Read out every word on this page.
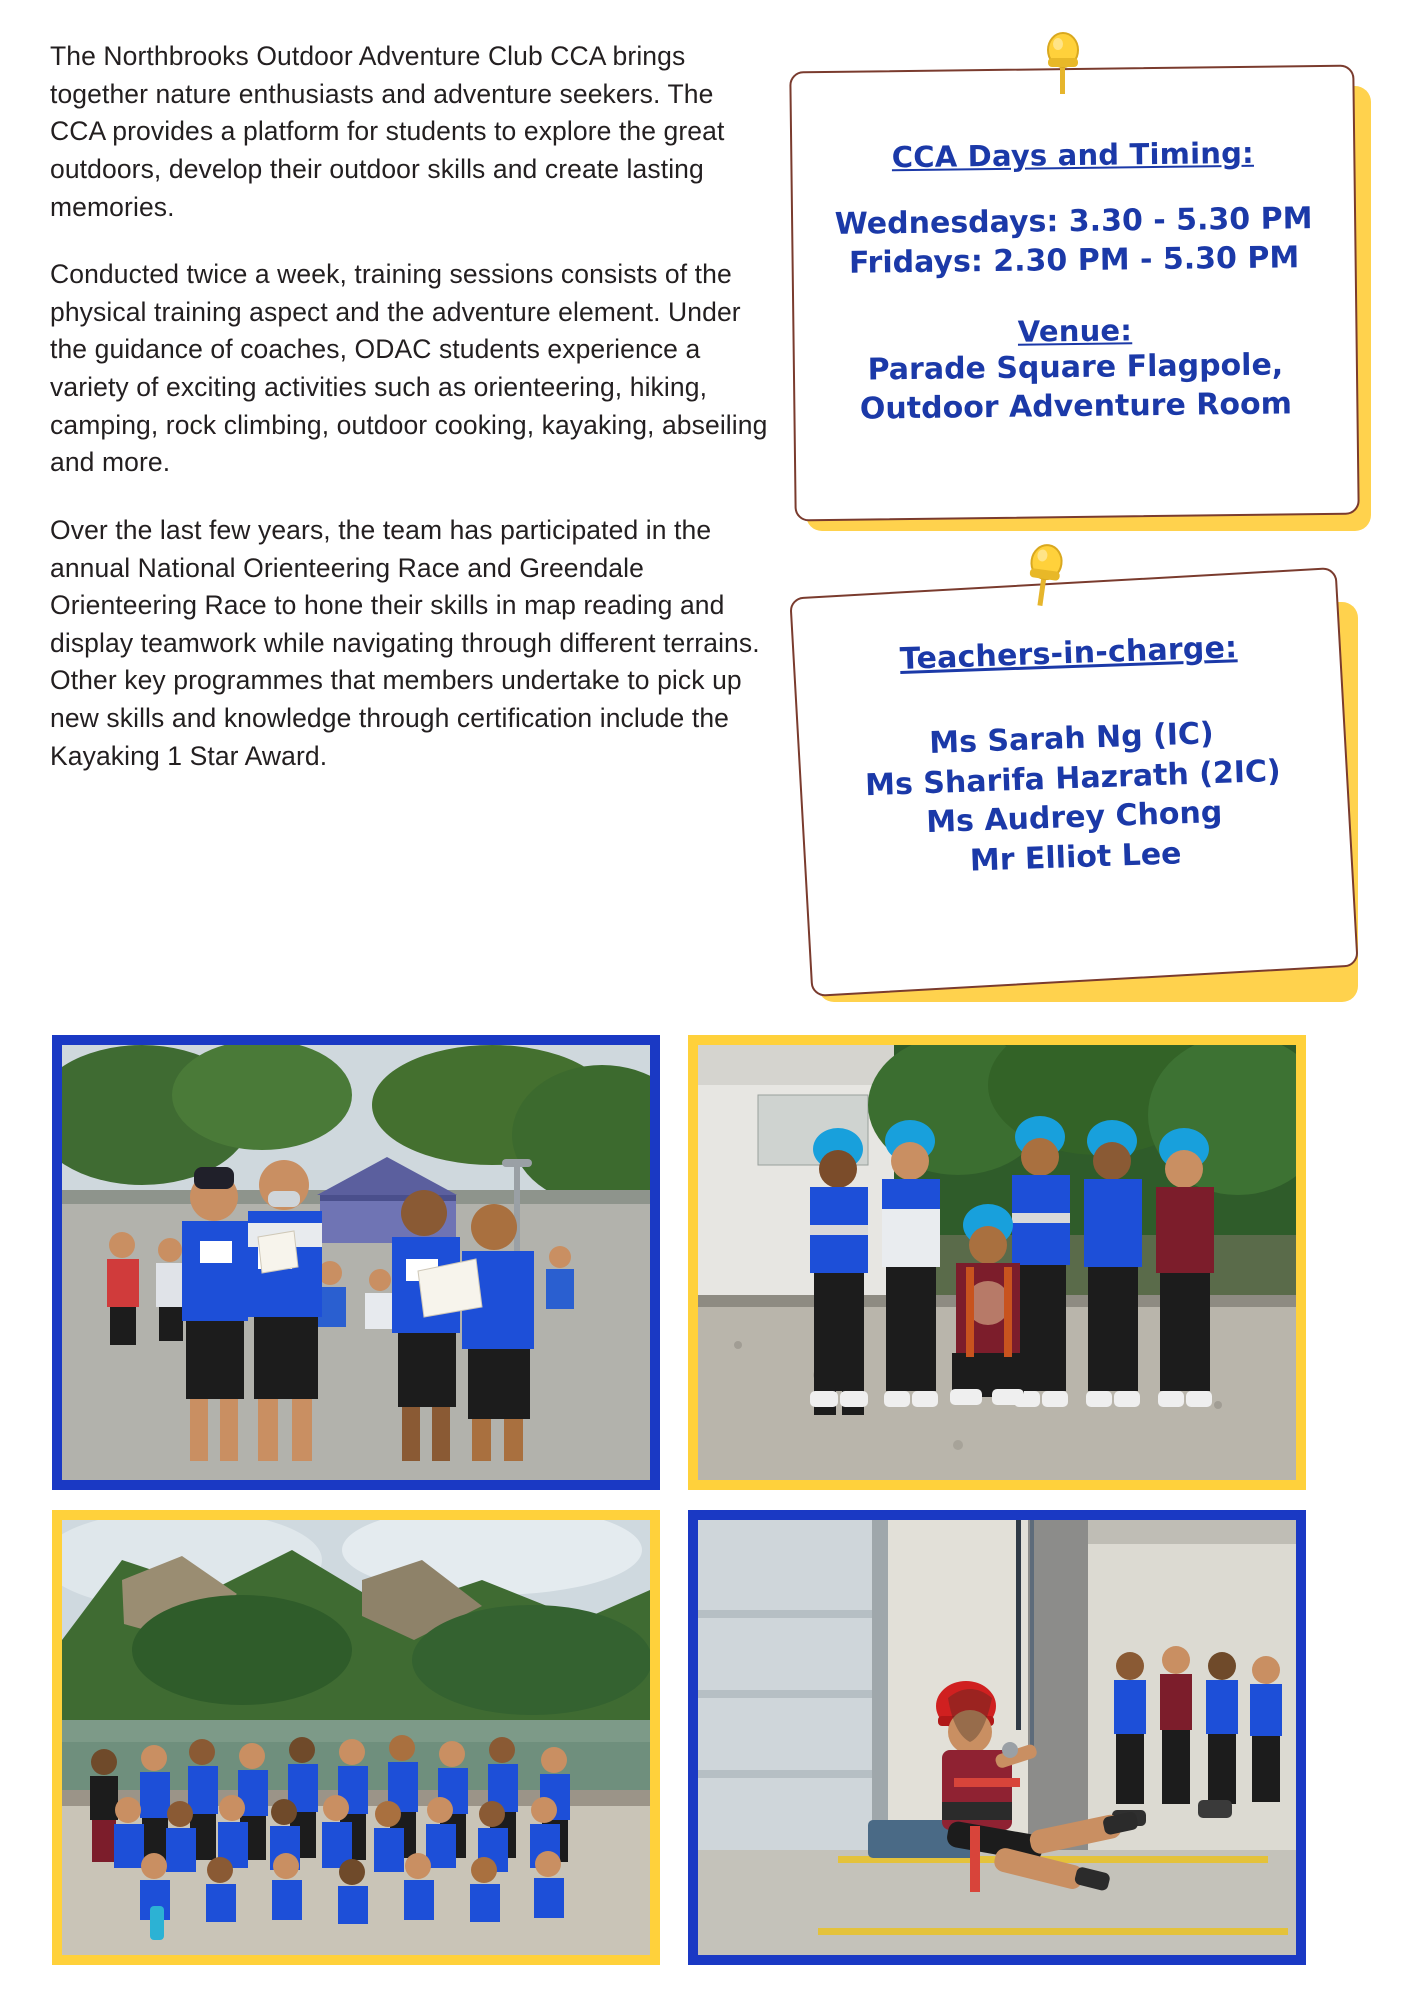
The Northbrooks Outdoor Adventure Club CCA brings together nature enthusiasts and adventure seekers. The CCA provides a platform for students to explore the great outdoors, develop their outdoor skills and create lasting memories.

Conducted twice a week, training sessions consists of the physical training aspect and the adventure element. Under the guidance of coaches, ODAC students experience a variety of exciting activities such as orienteering, hiking, camping, rock climbing, outdoor cooking, kayaking, abseiling and more.

Over the last few years, the team has participated in the annual National Orienteering Race and Greendale Orienteering Race to hone their skills in map reading and display teamwork while navigating through different terrains. Other key programmes that members undertake to pick up new skills and knowledge through certification include the Kayaking 1 Star Award.

CCA Days and Timing:
Wednesdays: 3.30 - 5.30 PM
Fridays: 2.30 PM - 5.30 PM
Venue:
Parade Square Flagpole,
Outdoor Adventure Room
Teachers-in-charge:
Ms Sarah Ng (IC)
Ms Sharifa Hazrath (2IC)
Ms Audrey Chong
Mr Elliot Lee
